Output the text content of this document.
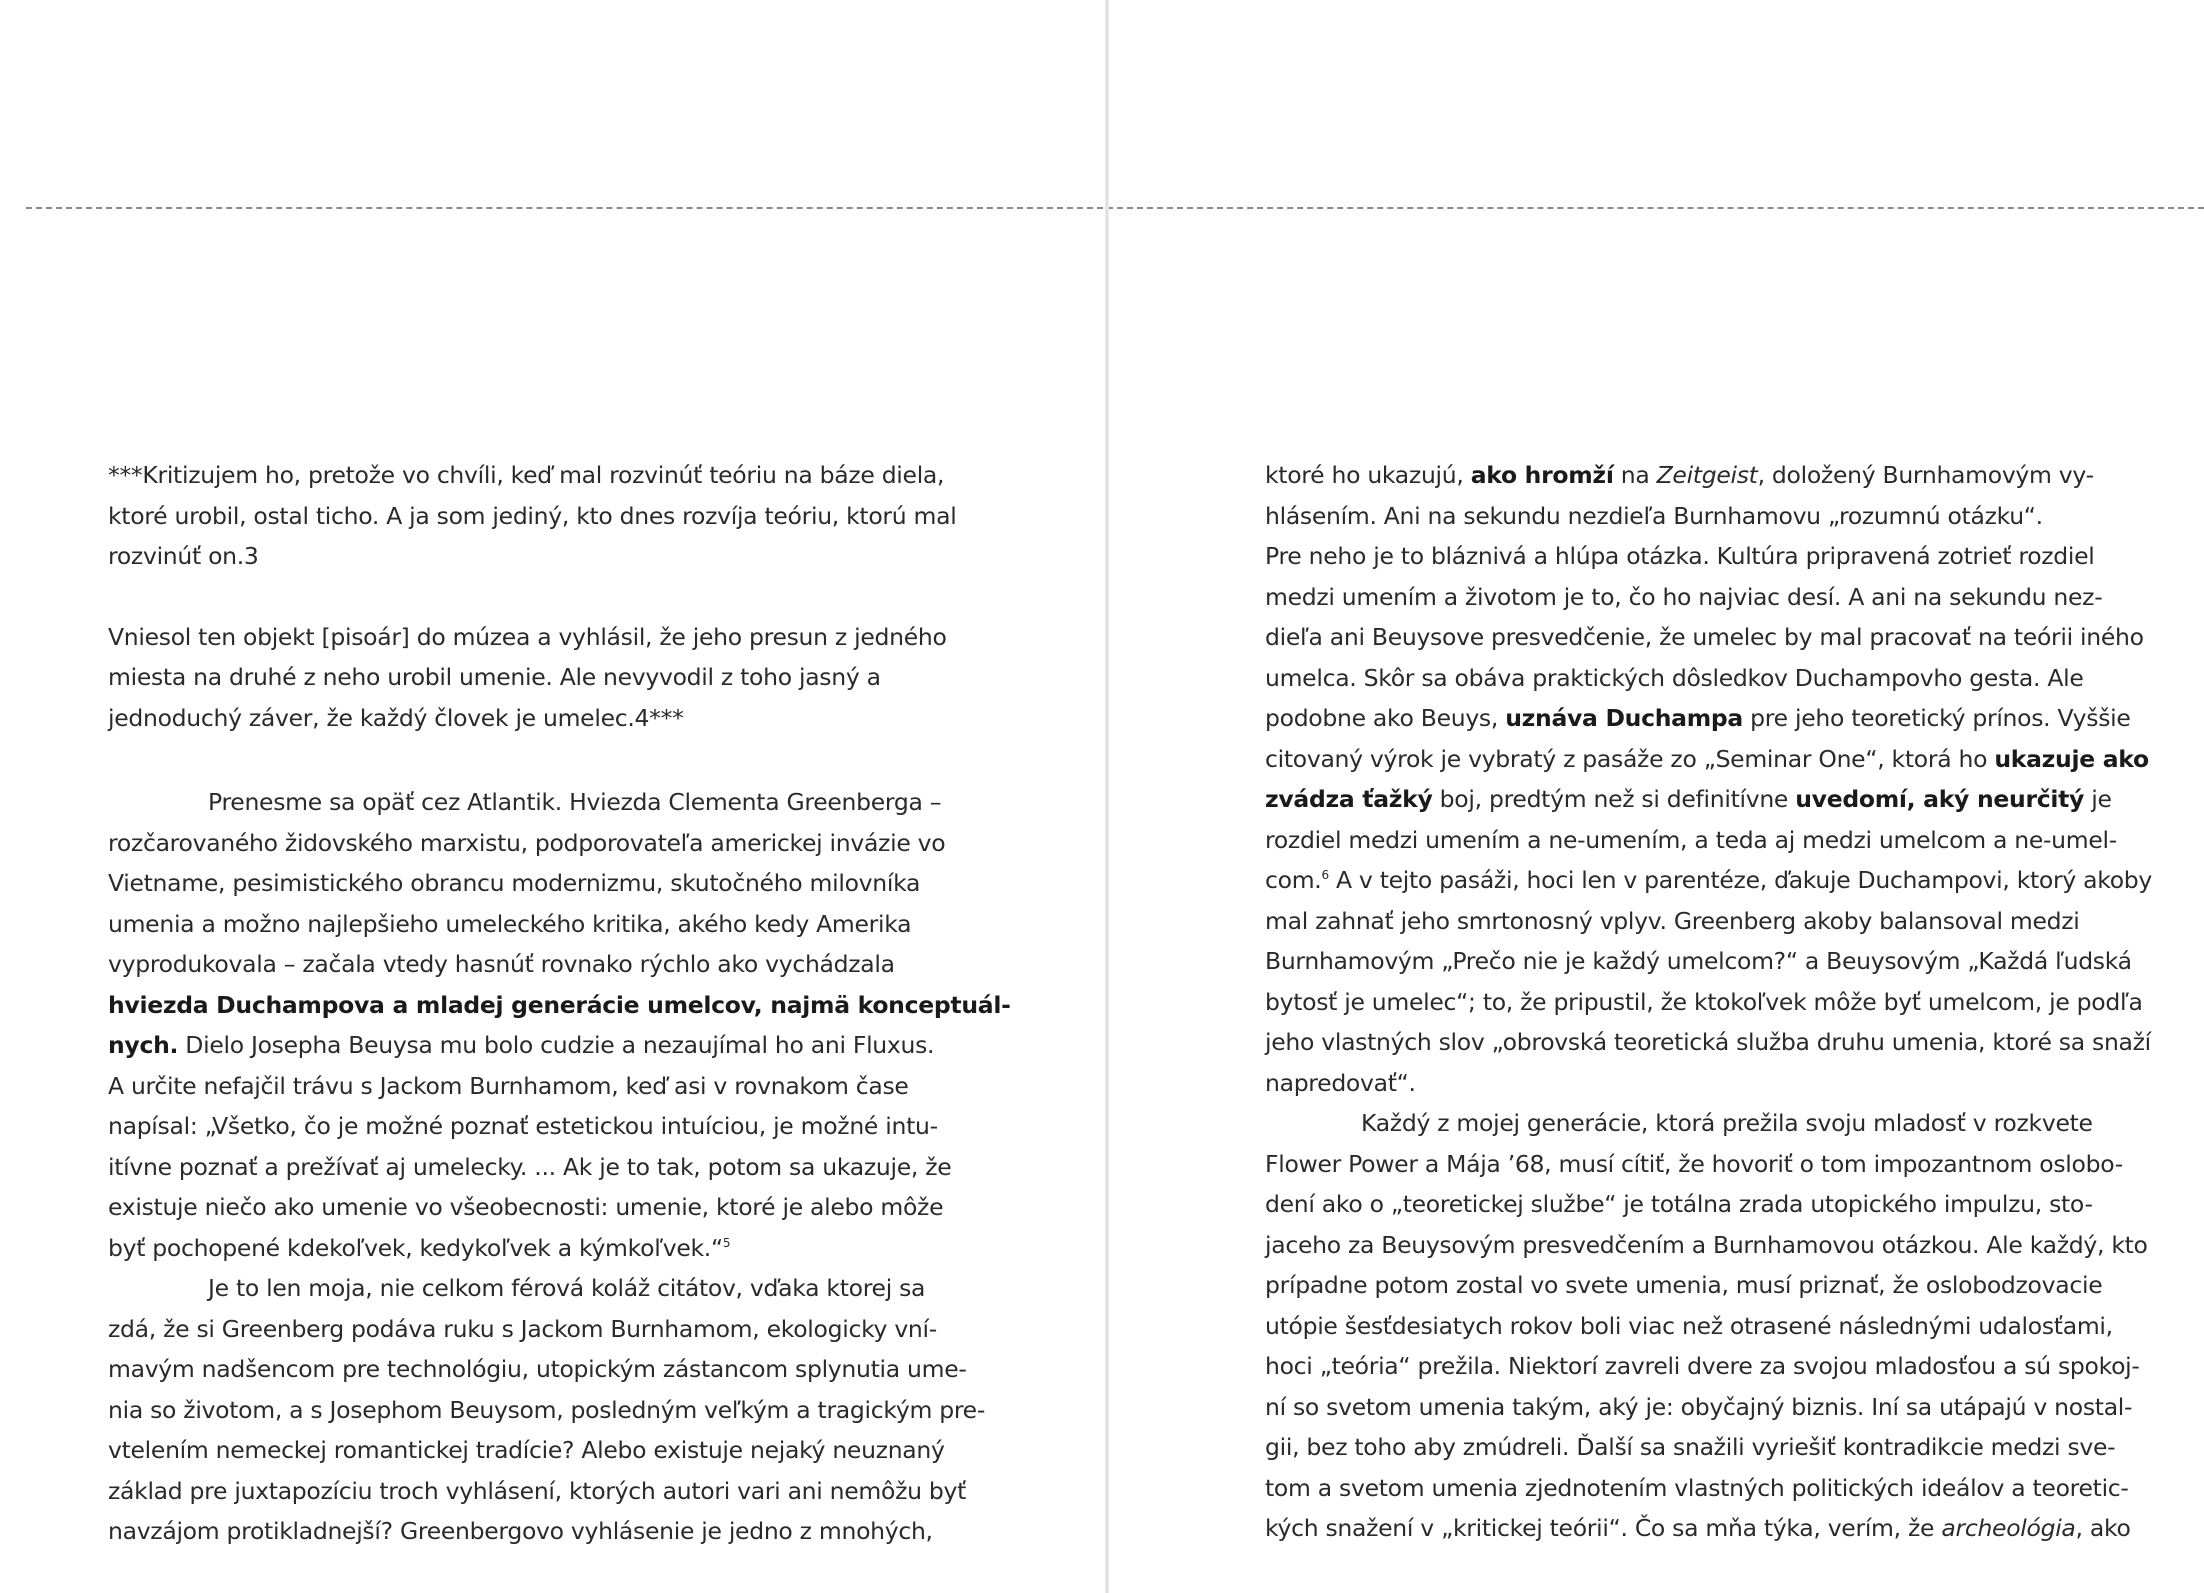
***Kritizujem ho, pretože vo chvíli, keď mal rozvinúť teóriu na báze diela,

ktoré urobil, ostal ticho. A ja som jediný, kto dnes rozvíja teóriu, ktorú mal

rozvinúť on.3

Vniesol ten objekt [pisoár] do múzea a vyhlásil, že jeho presun z jedného

miesta na druhé z neho urobil umenie. Ale nevyvodil z toho jasný a

jednoduchý záver, že každý človek je umelec.4***

Prenesme sa opäť cez Atlantik. Hviezda Clementa Greenberga –

rozčarovaného židovského marxistu, podporovateľa americkej invázie vo

Vietname, pesimistického obrancu modernizmu, skutočného milovníka

umenia a možno najlepšieho umeleckého kritika, akého kedy Amerika

vyprodukovala – začala vtedy hasnúť rovnako rýchlo ako vychádzala

hviezda Duchampova a mladej generácie umelcov, najmä konceptuál-

nych. Dielo Josepha Beuysa mu bolo cudzie a nezaujímal ho ani Fluxus.

A určite nefajčil trávu s Jackom Burnhamom, keď asi v rovnakom čase

napísal: „Všetko, čo je možné poznať estetickou intuíciou, je možné intu-

itívne poznať a prežívať aj umelecky. ... Ak je to tak, potom sa ukazuje, že

existuje niečo ako umenie vo všeobecnosti: umenie, ktoré je alebo môže

byť pochopené kdekoľvek, kedykoľvek a kýmkoľvek.“$^5$

Je to len moja, nie celkom férová koláž citátov, vďaka ktorej sa

zdá, že si Greenberg podáva ruku s Jackom Burnhamom, ekologicky vní-

mavým nadšencom pre technológiu, utopickým zástancom splynutia ume-

nia so životom, a s Josephom Beuysom, posledným veľkým a tragickým pre-

vtelením nemeckej romantickej tradície? Alebo existuje nejaký neuznaný

základ pre juxtapozíciu troch vyhlásení, ktorých autori vari ani nemôžu byť

navzájom protikladnejší? Greenbergovo vyhlásenie je jedno z mnohých,

ktoré ho ukazujú, ako hromží na Zeitgeist, doložený Burnhamovým vy-

hlásením. Ani na sekundu nezdieľa Burnhamovu „rozumnú otázku“.

Pre neho je to bláznivá a hlúpa otázka. Kultúra pripravená zotrieť rozdiel

medzi umením a životom je to, čo ho najviac desí. A ani na sekundu nez-

dieľa ani Beuysove presvedčenie, že umelec by mal pracovať na teórii iného

umelca. Skôr sa obáva praktických dôsledkov Duchampovho gesta. Ale

podobne ako Beuys, uznáva Duchampa pre jeho teoretický prínos. Vyššie

citovaný výrok je vybratý z pasáže zo „Seminar One“, ktorá ho ukazuje ako

zvádza ťažký boj, predtým než si definitívne uvedomí, aký neurčitý je

rozdiel medzi umením a ne-umením, a teda aj medzi umelcom a ne-umel-

com.$^6$ A v tejto pasáži, hoci len v parentéze, ďakuje Duchampovi, ktorý akoby

mal zahnať jeho smrtonosný vplyv. Greenberg akoby balansoval medzi

Burnhamovým „Prečo nie je každý umelcom?“ a Beuysovým „Každá ľudská

bytosť je umelec“; to, že pripustil, že ktokoľvek môže byť umelcom, je podľa

jeho vlastných slov „obrovská teoretická služba druhu umenia, ktoré sa snaží

napredovať“.

Každý z mojej generácie, ktorá prežila svoju mladosť v rozkvete

Flower Power a Mája ’68, musí cítiť, že hovoriť o tom impozantnom oslobo-

dení ako o „teoretickej službe“ je totálna zrada utopického impulzu, sto-

jaceho za Beuysovým presvedčením a Burnhamovou otázkou. Ale každý, kto

prípadne potom zostal vo svete umenia, musí priznať, že oslobodzovacie

utópie šesťdesiatych rokov boli viac než otrasené následnými udalosťami,

hoci „teória“ prežila. Niektorí zavreli dvere za svojou mladosťou a sú spokoj-

ní so svetom umenia takým, aký je: obyčajný biznis. Iní sa utápajú v nostal-

gii, bez toho aby zmúdreli. Ďalší sa snažili vyriešiť kontradikcie medzi sve-

tom a svetom umenia zjednotením vlastných politických ideálov a teoretic-

kých snažení v „kritickej teórii“. Čo sa mňa týka, verím, že archeológia, ako
